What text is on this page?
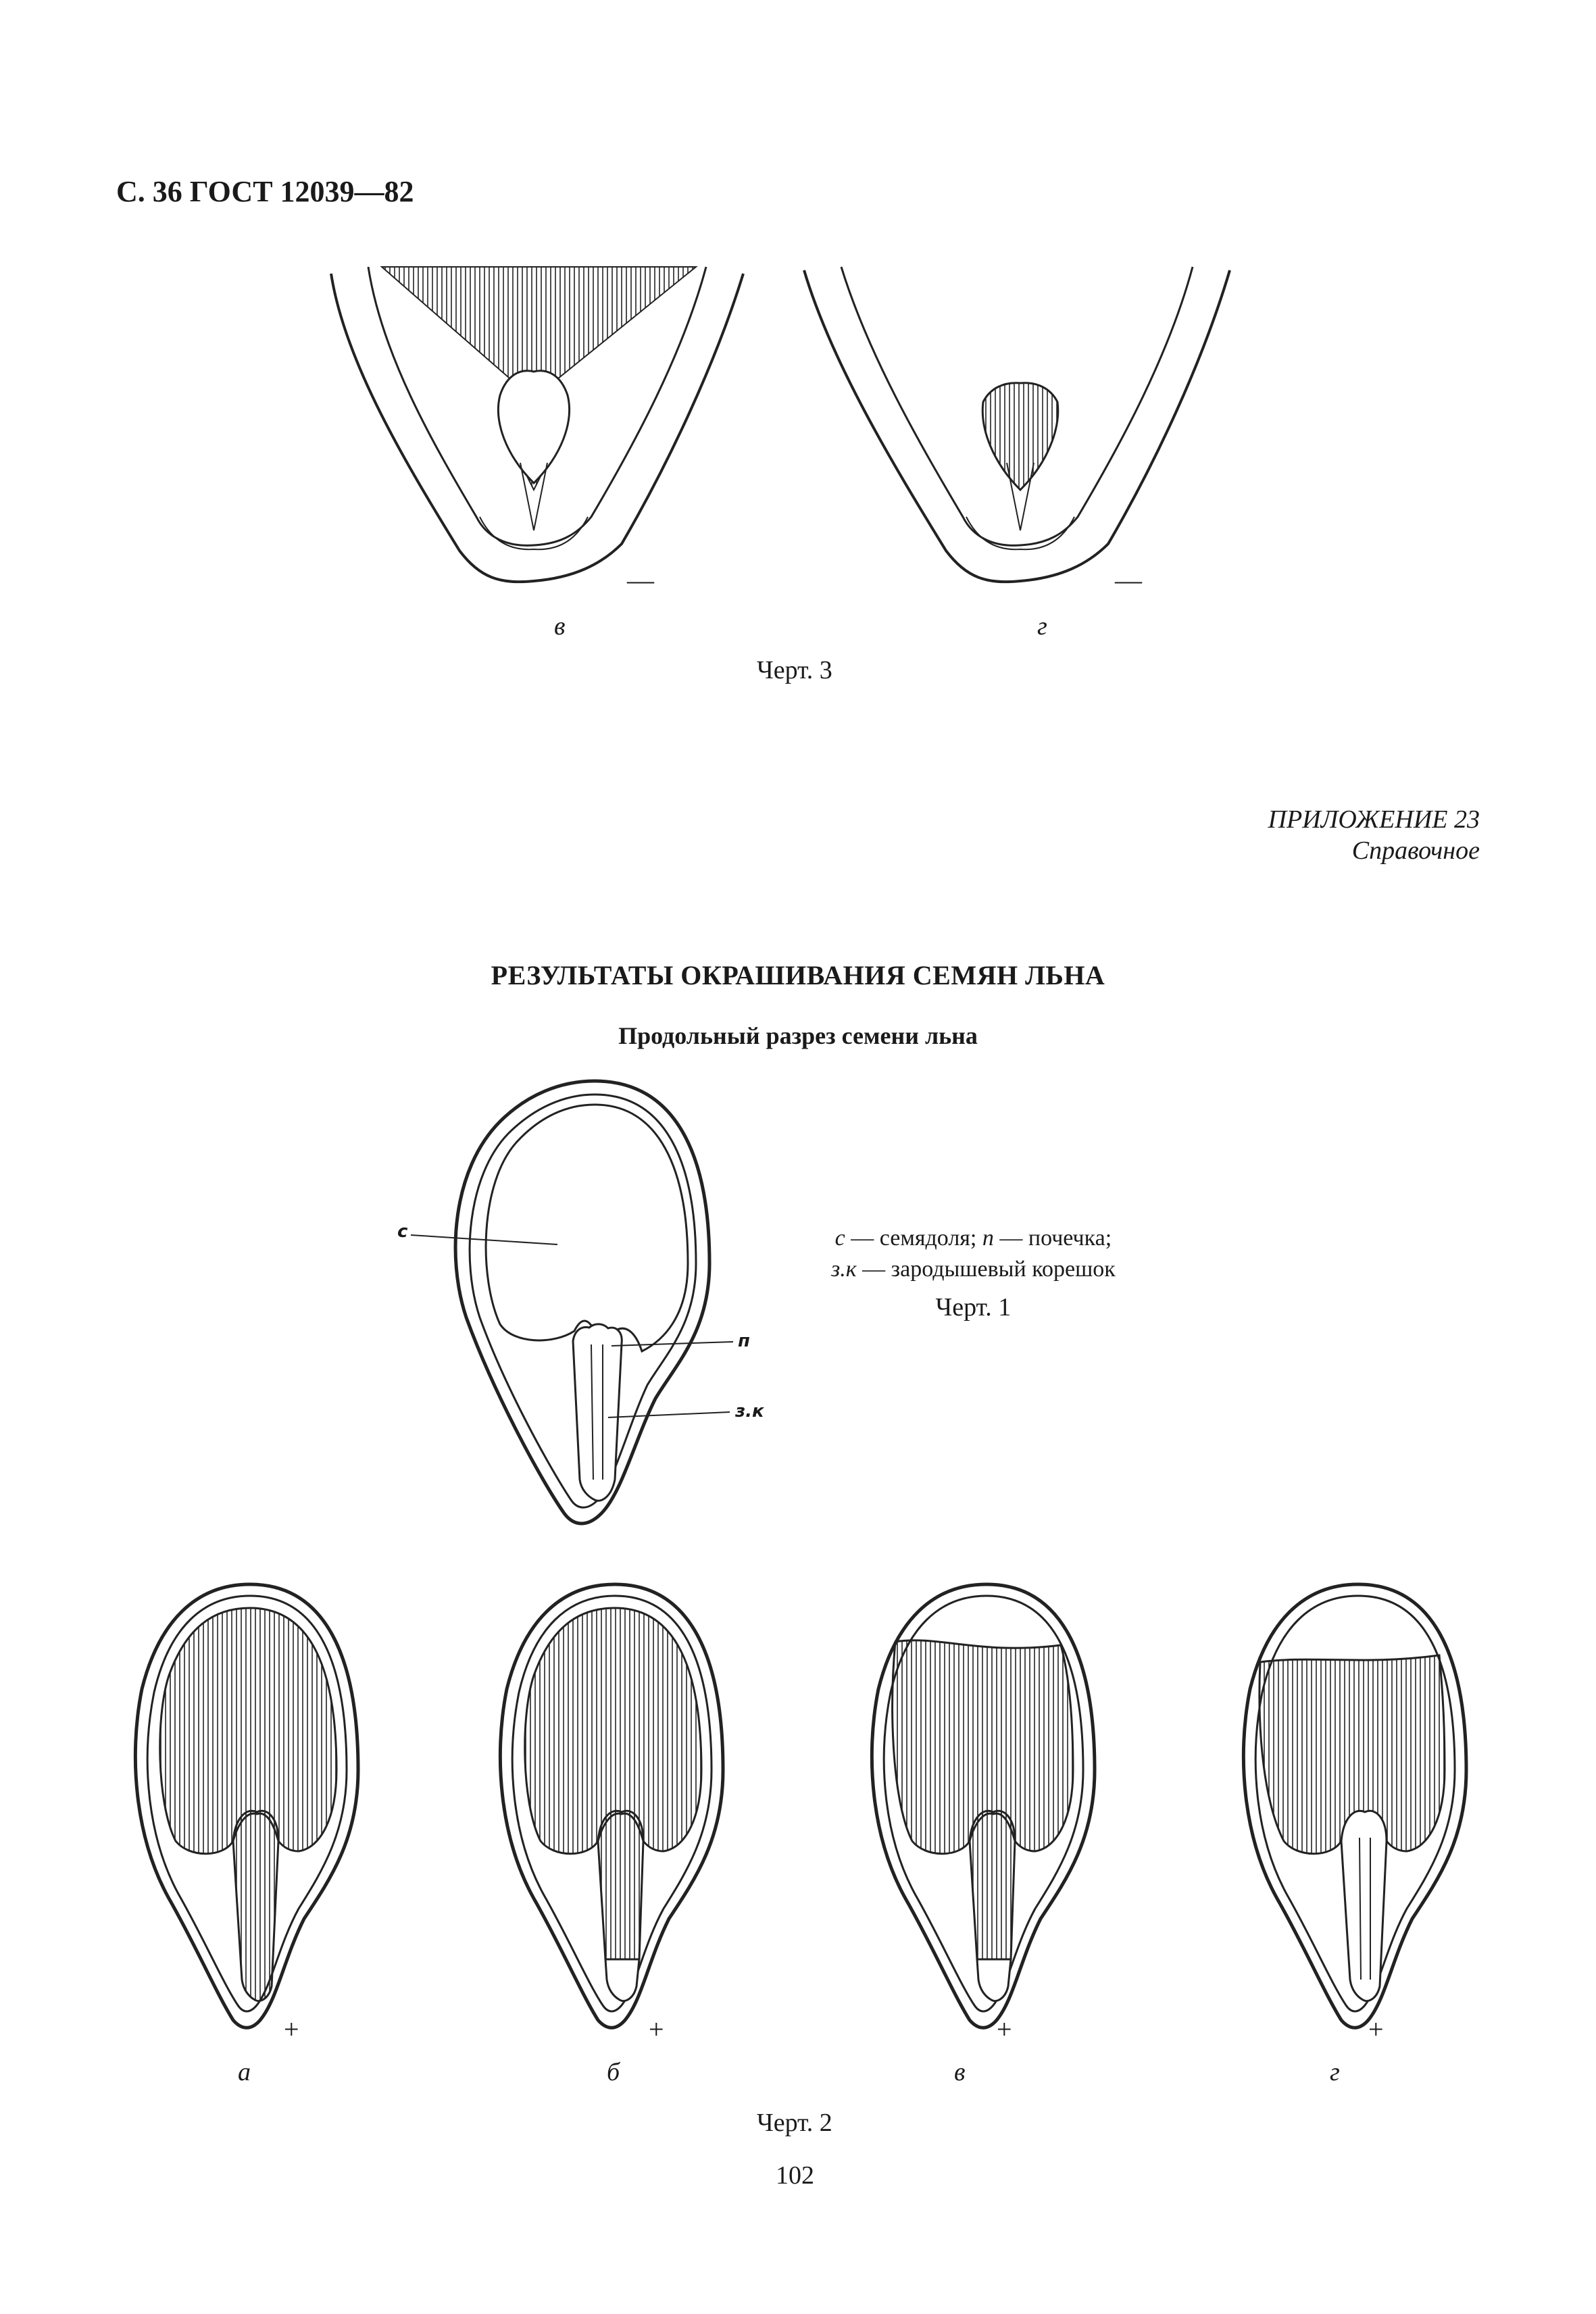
С. 36 ГОСТ 12039—82
—	—
в	г
Черт. 3
ПРИЛОЖЕНИЕ 23
Справочное
РЕЗУЛЬТАТЫ ОКРАШИВАНИЯ СЕМЯН ЛЬНА
Продольный разрез семени льна
с
п
з.к
с — семядоля; п — почечка;
з.к — зародышевый корешок
Черт. 1
+	+	+	+
а	б	в	г
Черт. 2
102
